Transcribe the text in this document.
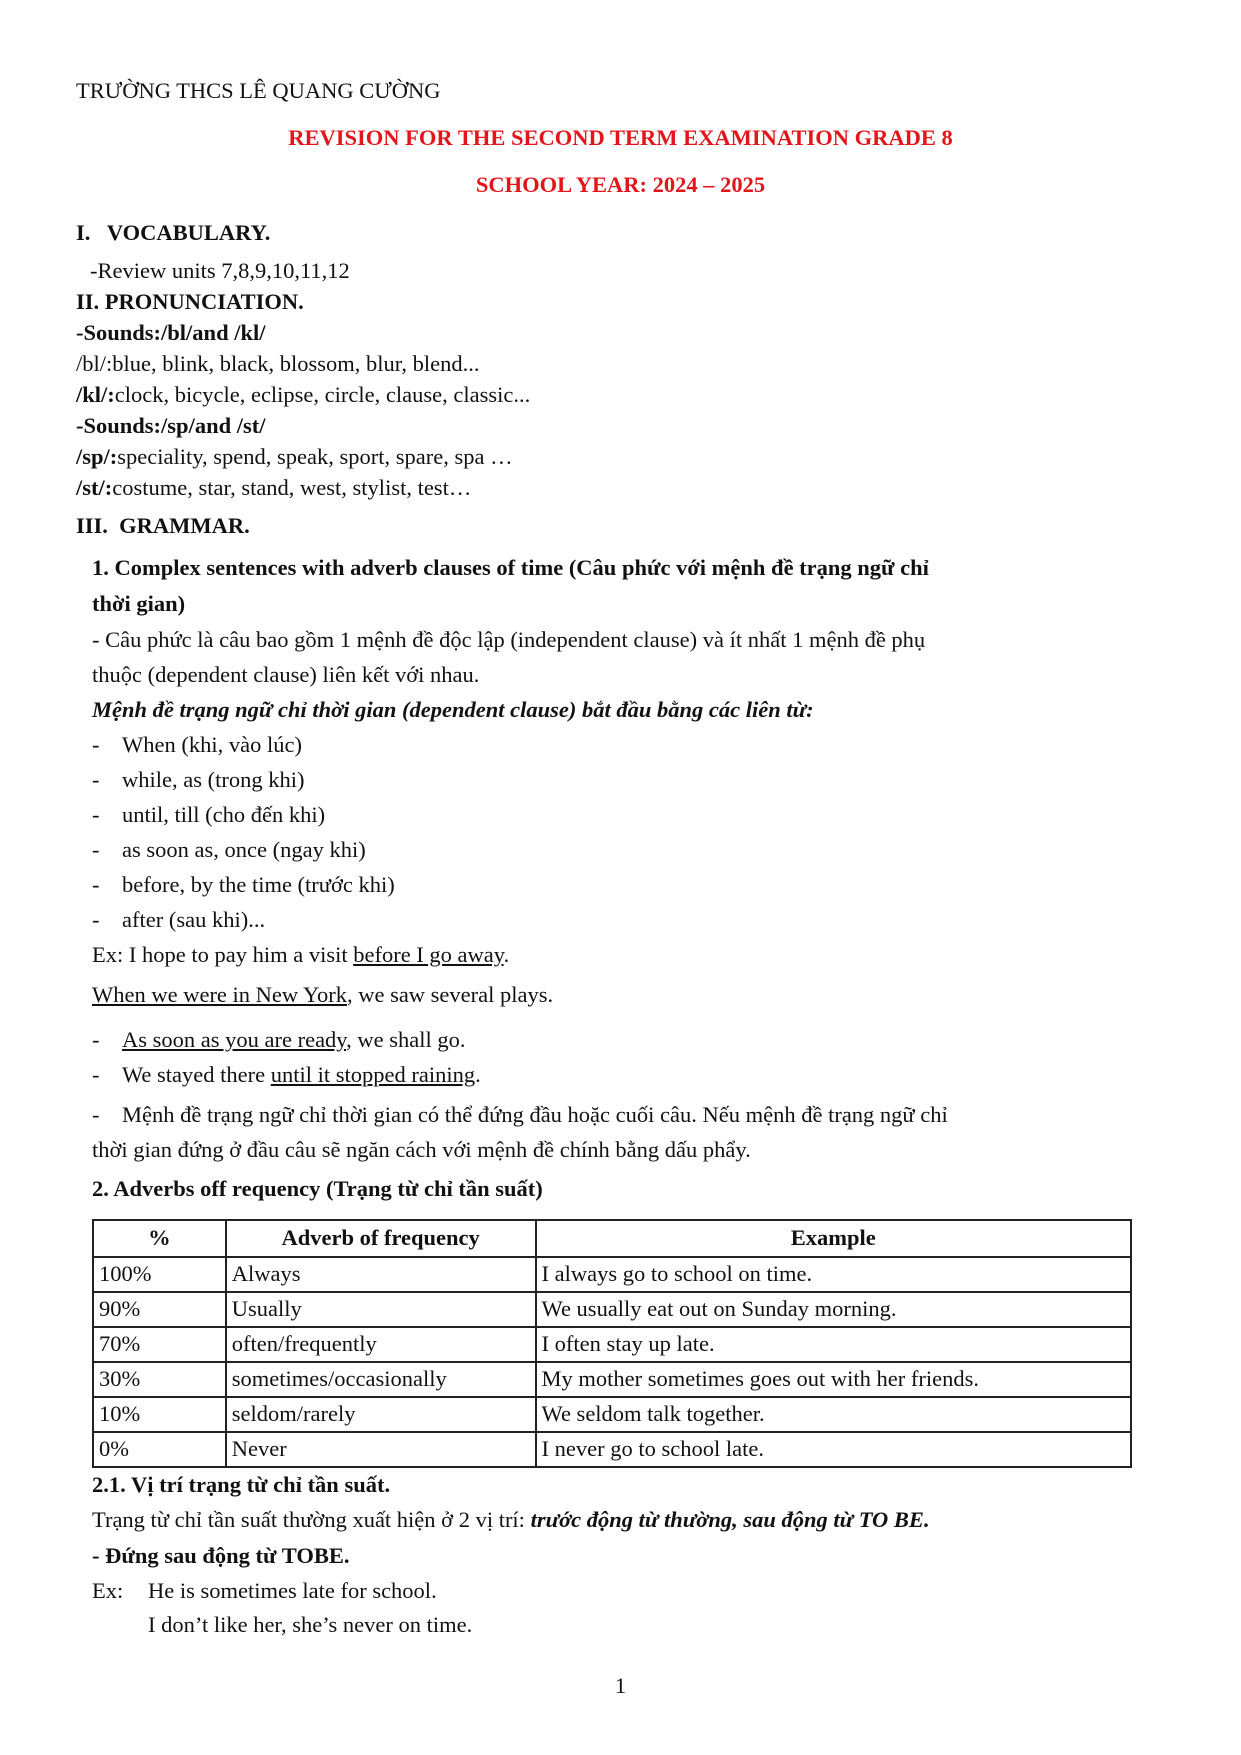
TRƯỜNG THCS LÊ QUANG CƯỜNG
REVISION FOR THE SECOND TERM EXAMINATION GRADE 8
SCHOOL YEAR: 2024 – 2025
I.   VOCABULARY.
-Review units 7,8,9,10,11,12
II. PRONUNCIATION.
-Sounds:/bl/and /kl/
/bl/:blue, blink, black, blossom, blur, blend...
/kl/:clock, bicycle, eclipse, circle, clause, classic...
-Sounds:/sp/and /st/
/sp/:speciality, spend, speak, sport, spare, spa …
/st/:costume, star, stand, west, stylist, test…
III.  GRAMMAR.
1. Complex sentences with adverb clauses of time (Câu phức với mệnh đề trạng ngữ chỉ
thời gian)
- Câu phức là câu bao gồm 1 mệnh đề độc lập (independent clause) và ít nhất 1 mệnh đề phụ
thuộc (dependent clause) liên kết với nhau.
Mệnh đề trạng ngữ chỉ thời gian (dependent clause) bắt đầu bằng các liên từ:
- When (khi, vào lúc)
- while, as (trong khi)
- until, till (cho đến khi)
- as soon as, once (ngay khi)
- before, by the time (trước khi)
- after (sau khi)...
Ex: I hope to pay him a visit before I go away.
When we were in New York, we saw several plays.
- As soon as you are ready, we shall go.
- We stayed there until it stopped raining.
- Mệnh đề trạng ngữ chỉ thời gian có thể đứng đầu hoặc cuối câu. Nếu mệnh đề trạng ngữ chỉ
thời gian đứng ở đầu câu sẽ ngăn cách với mệnh đề chính bằng dấu phẩy.
2. Adverbs off requency (Trạng từ chỉ tần suất)
%	Adverb of frequency	Example
100%	Always	I always go to school on time.
90%	Usually	We usually eat out on Sunday morning.
70%	often/frequently	I often stay up late.
30%	sometimes/occasionally	My mother sometimes goes out with her friends.
10%	seldom/rarely	We seldom talk together.
0%	Never	I never go to school late.
2.1. Vị trí trạng từ chỉ tần suất.
Trạng từ chỉ tần suất thường xuất hiện ở 2 vị trí: trước động từ thường, sau động từ TO BE.
- Đứng sau động từ TOBE.
Ex: He is sometimes late for school.
I don’t like her, she’s never on time.
1
